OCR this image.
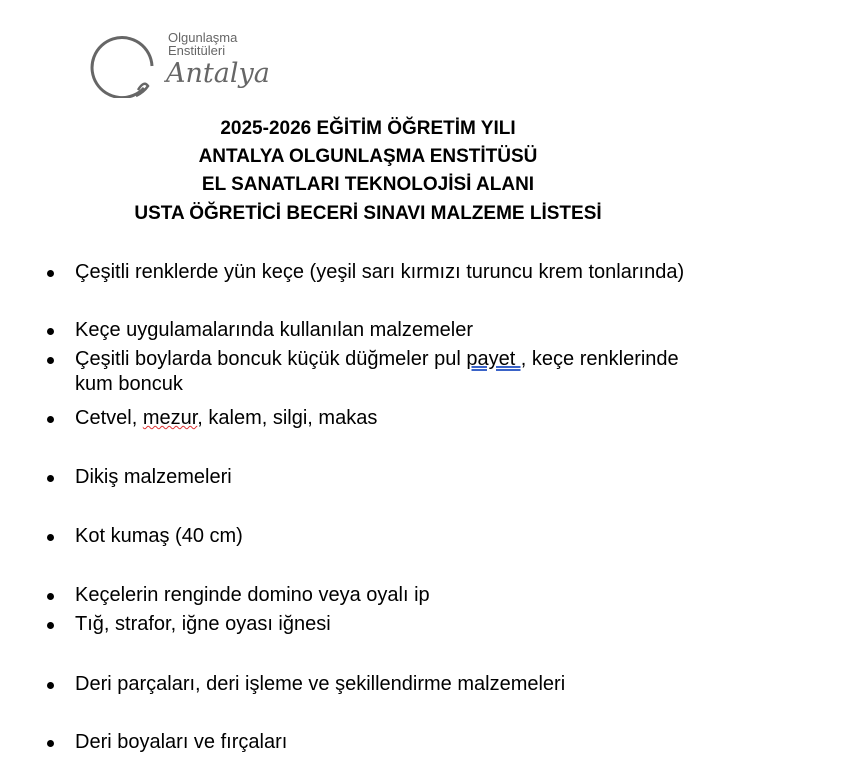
Olgunlaşma
Enstitüleri
Antalya
2025-2026 EĞİTİM ÖĞRETİM YILI
ANTALYA OLGUNLAŞMA ENSTİTÜSÜ
EL SANATLARI TEKNOLOJİSİ ALANI
USTA ÖĞRETİCİ BECERİ SINAVI MALZEME LİSTESİ
Çeşitli renklerde yün keçe (yeşil sarı kırmızı turuncu krem tonlarında)
Keçe uygulamalarında kullanılan malzemeler
Çeşitli boylarda boncuk küçük düğmeler pul payet , keçe renklerinde kum boncuk
Cetvel, mezur, kalem, silgi, makas
Dikiş malzemeleri
Kot kumaş (40 cm)
Keçelerin renginde domino veya oyalı ip
Tığ, strafor, iğne oyası iğnesi
Deri parçaları, deri işleme ve şekillendirme malzemeleri
Deri boyaları ve fırçaları
